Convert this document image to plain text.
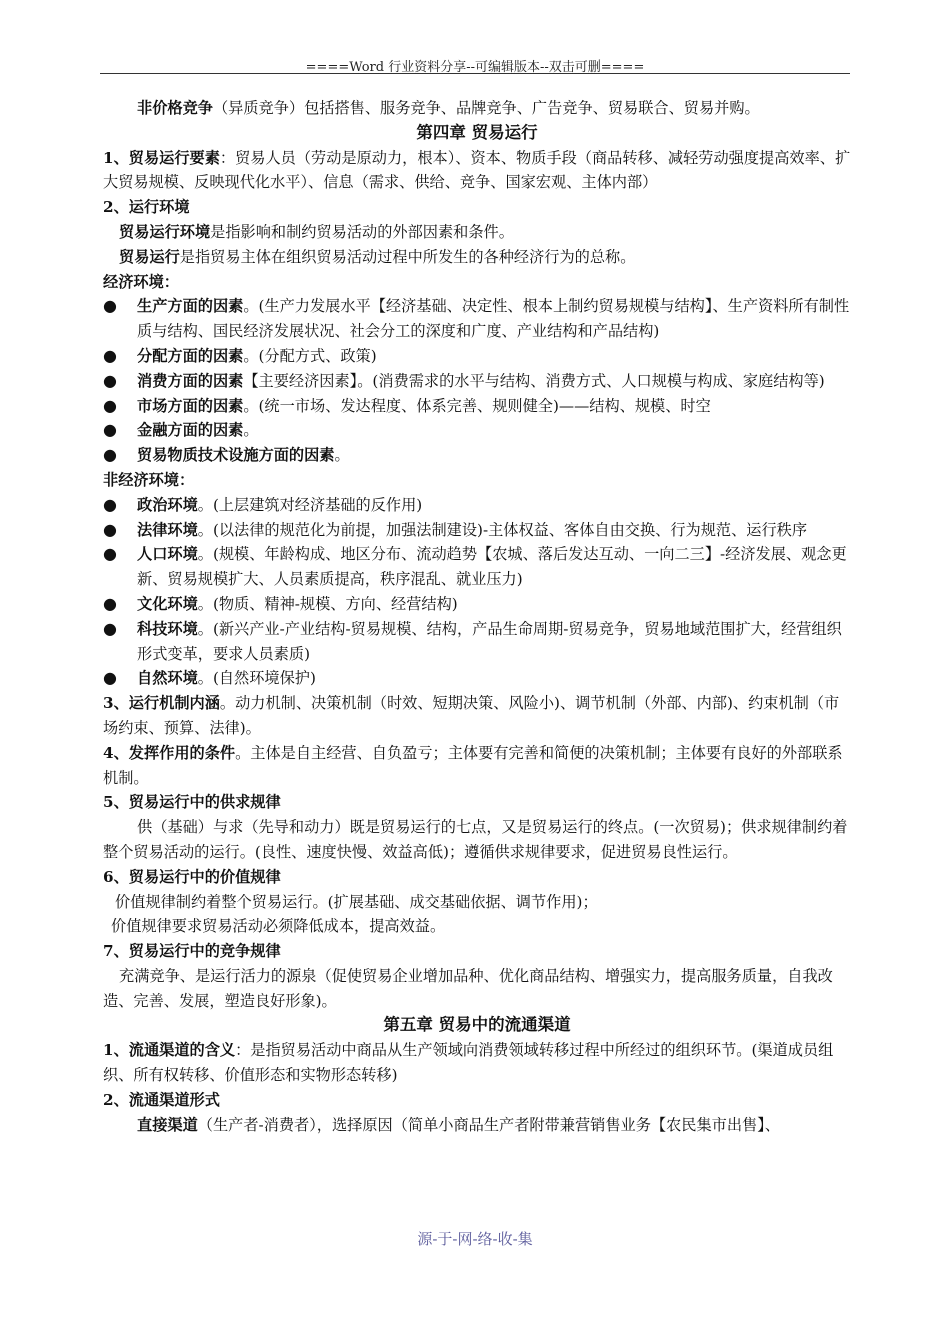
====Word 行业资料分享--可编辑版本--双击可删====

非价格竞争（异质竞争）包括搭售、服务竞争、品牌竞争、广告竞争、贸易联合、贸易并购。

第四章 贸易运行

1、贸易运行要素：贸易人员（劳动是原动力，根本）、资本、物质手段（商品转移、减轻劳动强度提高效率、扩大贸易规模、反映现代化水平）、信息（需求、供给、竞争、国家宏观、主体内部）

2、运行环境

贸易运行环境是指影响和制约贸易活动的外部因素和条件。

贸易运行是指贸易主体在组织贸易活动过程中所发生的各种经济行为的总称。

经济环境：

● 生产方面的因素。(生产力发展水平【经济基础、决定性、根本上制约贸易规模与结构】、生产资料所有制性质与结构、国民经济发展状况、社会分工的深度和广度、产业结构和产品结构)

● 分配方面的因素。(分配方式、政策)

● 消费方面的因素【主要经济因素】。(消费需求的水平与结构、消费方式、人口规模与构成、家庭结构等)

● 市场方面的因素。(统一市场、发达程度、体系完善、规则健全)——结构、规模、时空

● 金融方面的因素。

● 贸易物质技术设施方面的因素。

非经济环境：

● 政治环境。(上层建筑对经济基础的反作用)

● 法律环境。(以法律的规范化为前提，加强法制建设)-主体权益、客体自由交换、行为规范、运行秩序

● 人口环境。(规模、年龄构成、地区分布、流动趋势【农城、落后发达互动、一向二三】-经济发展、观念更新、贸易规模扩大、人员素质提高，秩序混乱、就业压力)

● 文化环境。(物质、精神-规模、方向、经营结构)

● 科技环境。(新兴产业-产业结构-贸易规模、结构，产品生命周期-贸易竞争，贸易地域范围扩大，经营组织形式变革，要求人员素质)

● 自然环境。(自然环境保护)

3、运行机制内涵。动力机制、决策机制（时效、短期决策、风险小)、调节机制（外部、内部)、约束机制（市场约束、预算、法律)。

4、发挥作用的条件。主体是自主经营、自负盈亏；主体要有完善和简便的决策机制；主体要有良好的外部联系机制。

5、贸易运行中的供求规律

供（基础）与求（先导和动力）既是贸易运行的七点，又是贸易运行的终点。(一次贸易)；供求规律制约着整个贸易活动的运行。(良性、速度快慢、效益高低)；遵循供求规律要求，促进贸易良性运行。

6、贸易运行中的价值规律

价值规律制约着整个贸易运行。(扩展基础、成交基础依据、调节作用)；

价值规律要求贸易活动必须降低成本，提高效益。

7、贸易运行中的竞争规律

充满竞争、是运行活力的源泉（促使贸易企业增加品种、优化商品结构、增强实力，提高服务质量，自我改造、完善、发展，塑造良好形象)。

第五章 贸易中的流通渠道

1、流通渠道的含义：是指贸易活动中商品从生产领域向消费领域转移过程中所经过的组织环节。(渠道成员组织、所有权转移、价值形态和实物形态转移)

2、流通渠道形式

直接渠道（生产者-消费者），选择原因（简单小商品生产者附带兼营销售业务【农民集市出售】、

源-于-网-络-收-集
